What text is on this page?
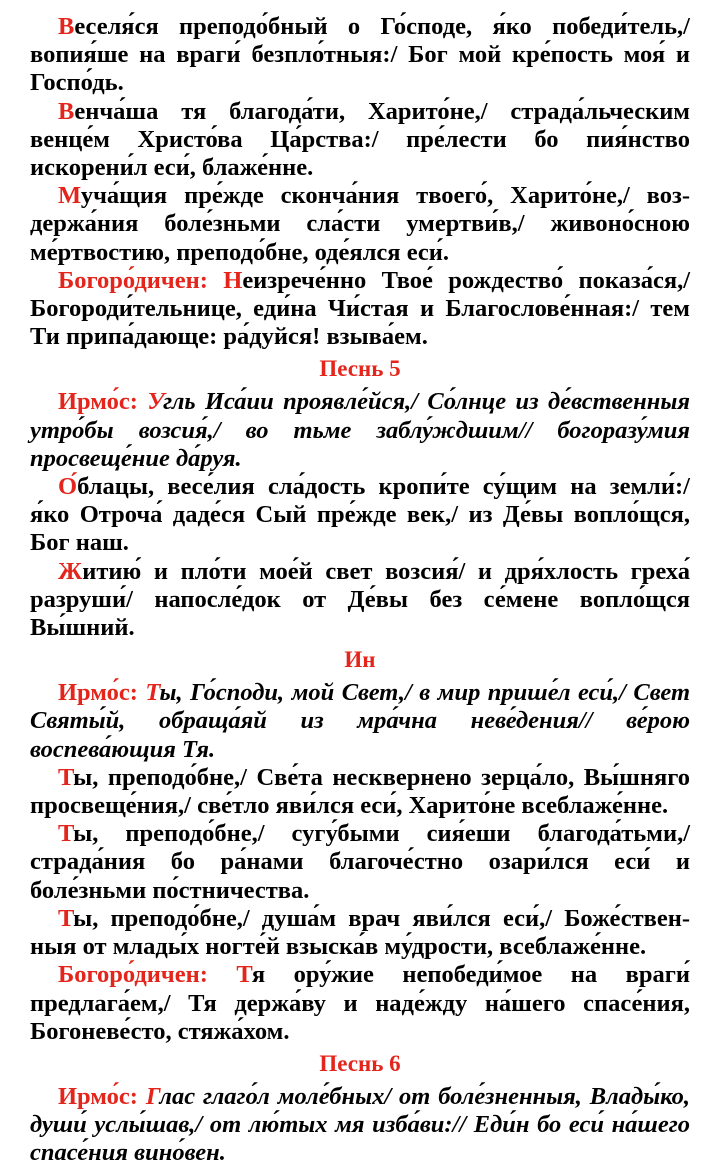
Веселя́ся преподо́бный о Го́споде, я́ко победи́тель,/ вопия́ше на враги́ безпло́тныя:/ Бог мой кре́пость моя́ и Госпо́дь.

Венча́ша тя благода́ти, Харито́не,/ страда́льческим венце́м Христо́ва Ца́рства:/ пре́лести бо пия́нство искорени́л еси́, блаже́нне.

Муча́щия пре́жде сконча́ния твоего́, Харито́не,/ воздержа́ния боле́зньми сла́сти умертви́в,/ живоно́сною ме́ртвостию, преподо́бне, оде́ялся еси́.

Богоро́дичен: Неизрече́нно Твое́ рождество́ показа́ся,/ Богороди́тельнице, еди́на Чи́стая и Благослове́нная:/ тем Ти припа́дающе: ра́дуйся! взыва́ем.

Песнь 5

Ирмо́с: Угль Иса́ии проявле́йся,/ Со́лнце из де́вственныя утро́бы возсия́,/ во тьме заблу́ждшим// богоразу́мия просвеще́ние да́руя.

О́блацы, весе́лия сла́дость кропи́те су́щим на земли́:/ я́ко Отроча́ даде́ся Сый пре́жде век,/ из Де́вы вопло́щся, Бог наш.

Житию́ и пло́ти мое́й свет возсия́/ и дря́хлость греха́ разруши́/ напосле́док от Де́вы без се́мене вопло́щся Вы́шний.

Ин

Ирмо́с: Ты, Го́споди, мой Свет,/ в мир прише́л еси́,/ Свет Святы́й, обраща́яй из мра́чна неве́дения// ве́рою воспева́ющия Тя.

Ты, преподо́бне,/ Све́та несквернено зерца́ло, Вы́шняго просвеще́ния,/ све́тло яви́лся еси́, Харито́не всеблаже́нне.

Ты, преподо́бне,/ сугу́быми сия́еши благода́тьми,/ страда́ния бо ра́нами благоче́стно озари́лся еси́ и боле́зньми по́стничества.

Ты, преподо́бне,/ душа́м врач яви́лся еси́,/ Боже́ственныя от млады́х ногте́й взыска́в му́дрости, всеблаже́нне.

Богоро́дичен: Тя ору́жие непобеди́мое на враги́ предлага́ем,/ Тя держа́ву и наде́жду на́шего спасе́ния, Богоневе́сто, стяжа́хом.

Песнь 6

Ирмо́с: Глас глаго́л моле́бных/ от боле́зненныя, Влады́ко, души́ услы́шав,/ от лю́тых мя изба́ви:// Еди́н бо еси́ на́шего спасе́ния вино́вен.
